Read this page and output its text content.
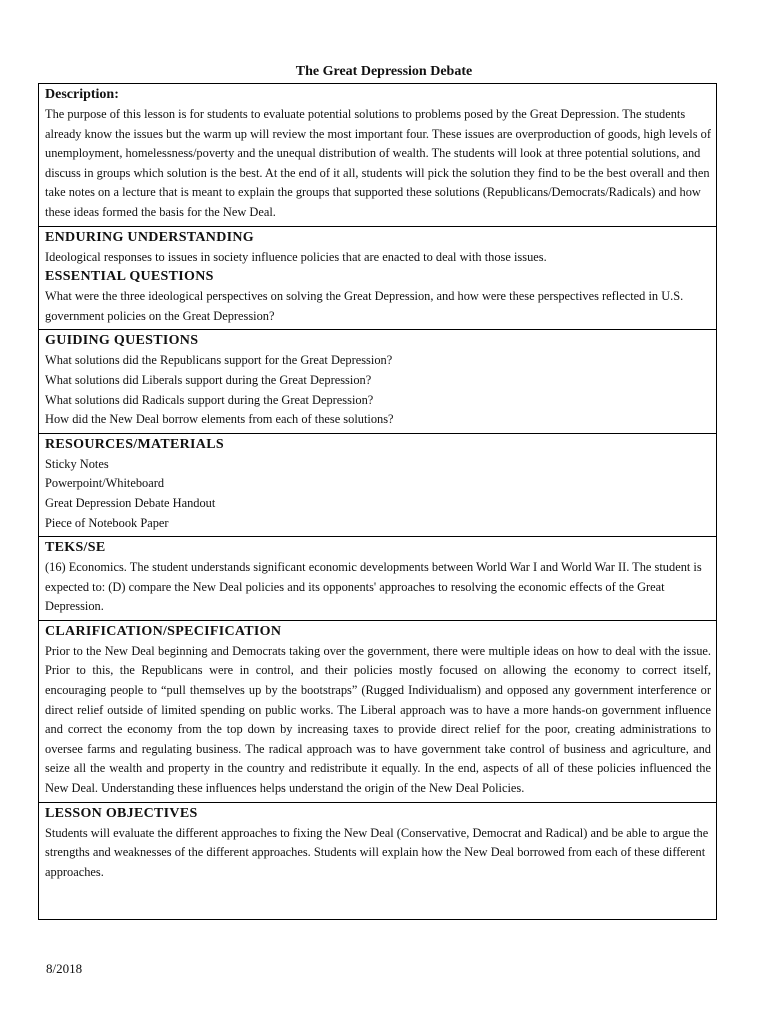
The Great Depression Debate
Description:

The purpose of this lesson is for students to evaluate potential solutions to problems posed by the Great Depression. The students already know the issues but the warm up will review the most important four. These issues are overproduction of goods, high levels of unemployment, homelessness/poverty and the unequal distribution of wealth. The students will look at three potential solutions, and discuss in groups which solution is the best. At the end of it all, students will pick the solution they find to be the best overall and then take notes on a lecture that is meant to explain the groups that supported these solutions (Republicans/Democrats/Radicals) and how these ideas formed the basis for the New Deal.

ENDURING UNDERSTANDING

Ideological responses to issues in society influence policies that are enacted to deal with those issues.

ESSENTIAL QUESTIONS

What were the three ideological perspectives on solving the Great Depression, and how were these perspectives reflected in U.S. government policies on the Great Depression?

GUIDING QUESTIONS
What solutions did the Republicans support for the Great Depression?
What solutions did Liberals support during the Great Depression?
What solutions did Radicals support during the Great Depression?
How did the New Deal borrow elements from each of these solutions?

RESOURCES/MATERIALS
Sticky Notes
Powerpoint/Whiteboard
Great Depression Debate Handout
Piece of Notebook Paper

TEKS/SE

(16) Economics. The student understands significant economic developments between World War I and World War II. The student is expected to: (D) compare the New Deal policies and its opponents' approaches to resolving the economic effects of the Great Depression.

CLARIFICATION/SPECIFICATION

Prior to the New Deal beginning and Democrats taking over the government, there were multiple ideas on how to deal with the issue. Prior to this, the Republicans were in control, and their policies mostly focused on allowing the economy to correct itself, encouraging people to “pull themselves up by the bootstraps” (Rugged Individualism) and opposed any government interference or direct relief outside of limited spending on public works. The Liberal approach was to have a more hands-on government influence and correct the economy from the top down by increasing taxes to provide direct relief for the poor, creating administrations to oversee farms and regulating business. The radical approach was to have government take control of business and agriculture, and seize all the wealth and property in the country and redistribute it equally. In the end, aspects of all of these policies influenced the New Deal. Understanding these influences helps understand the origin of the New Deal Policies.

LESSON OBJECTIVES

Students will evaluate the different approaches to fixing the New Deal (Conservative, Democrat and Radical) and be able to argue the strengths and weaknesses of the different approaches. Students will explain how the New Deal borrowed from each of these different approaches.

8/2018
